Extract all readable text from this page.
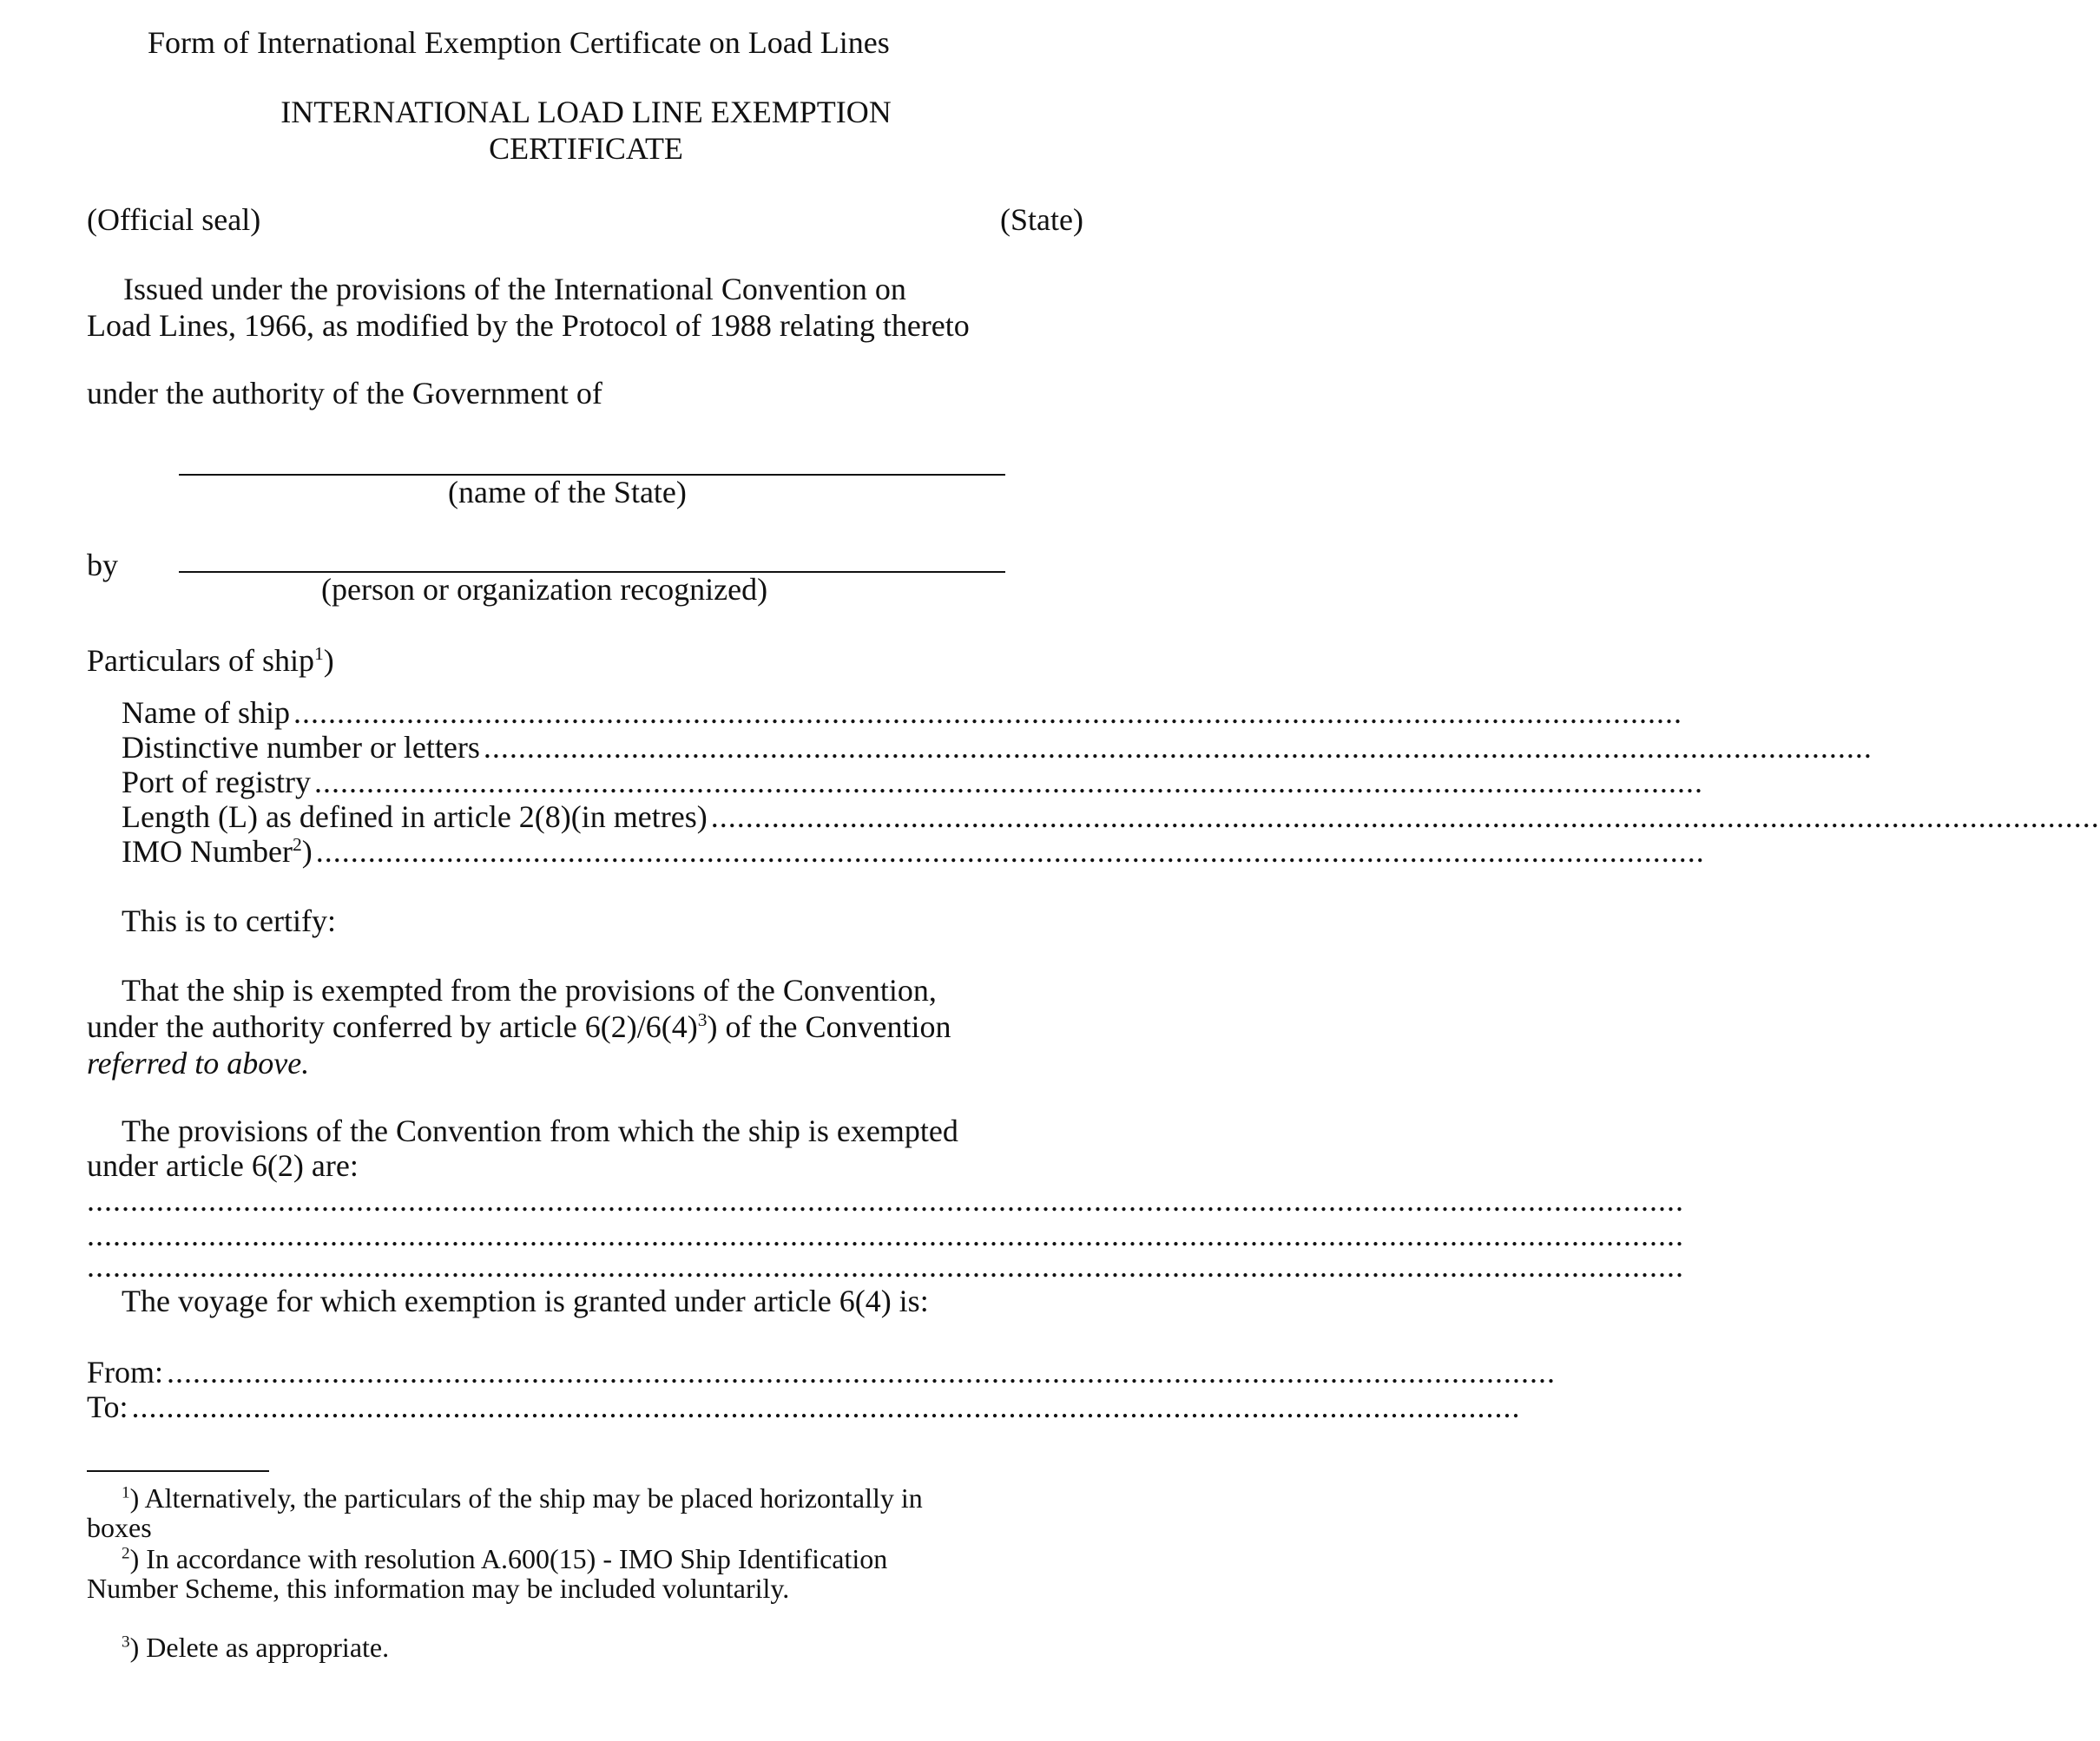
Form of International Exemption Certificate on Load Lines
INTERNATIONAL LOAD LINE EXEMPTION
CERTIFICATE
(Official seal)	(State)
Issued under the provisions of the International Convention on
Load Lines, 1966, as modified by the Protocol of 1988 relating thereto
under the authority of the Government of
(name of the State)
by
(person or organization recognized)
Particulars of ship$^1$)
Name of ship ................................................................................................................................................................
Distinctive number or letters ................................................................................................................................................................
Port of registry ................................................................................................................................................................
Length (L) as defined in article 2(8)(in metres) ................................................................................................................................................................
IMO Number$^2$) ................................................................................................................................................................
This is to certify:
That the ship is exempted from the provisions of the Convention,
under the authority conferred by article $6(2)/6(4)^3$) of the Convention
referred to above.
The provisions of the Convention from which the ship is exempted
under article 6(2) are:
........................................................................................................................................................................................
........................................................................................................................................................................................
........................................................................................................................................................................................
The voyage for which exemption is granted under article 6(4) is:
From: ................................................................................................................................................................
To: ................................................................................................................................................................
$^1$) Alternatively, the particulars of the ship may be placed horizontally in
boxes
$^2$) In accordance with resolution A.600(15) - IMO Ship Identification
Number Scheme, this information may be included voluntarily.
$^3$) Delete as appropriate.
